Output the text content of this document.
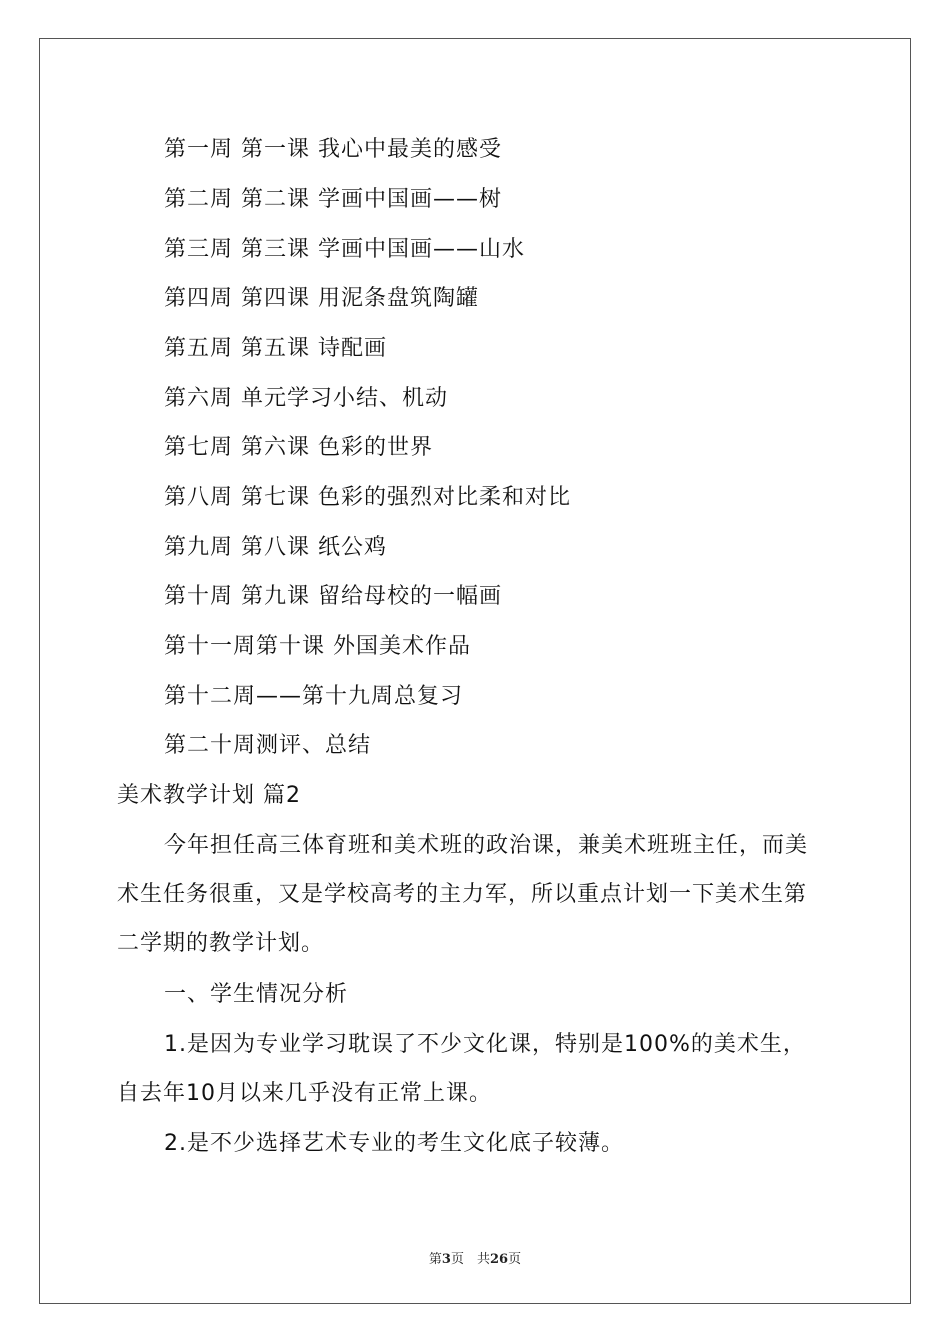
第一周 第一课 我心中最美的感受
第二周 第二课 学画中国画——树
第三周 第三课 学画中国画——山水
第四周 第四课 用泥条盘筑陶罐
第五周 第五课 诗配画
第六周 单元学习小结、机动
第七周 第六课 色彩的世界
第八周 第七课 色彩的强烈对比柔和对比
第九周 第八课 纸公鸡
第十周 第九课 留给母校的一幅画
第十一周第十课 外国美术作品
第十二周——第十九周总复习
第二十周测评、总结
美术教学计划 篇2
今年担任高三体育班和美术班的政治课，兼美术班班主任，而美
术生任务很重，又是学校高考的主力军，所以重点计划一下美术生第
二学期的教学计划。
一、学生情况分析
1.是因为专业学习耽误了不少文化课，特别是100%的美术生，
自去年10月以来几乎没有正常上课。
2.是不少选择艺术专业的考生文化底子较薄。
第3页　共26页
